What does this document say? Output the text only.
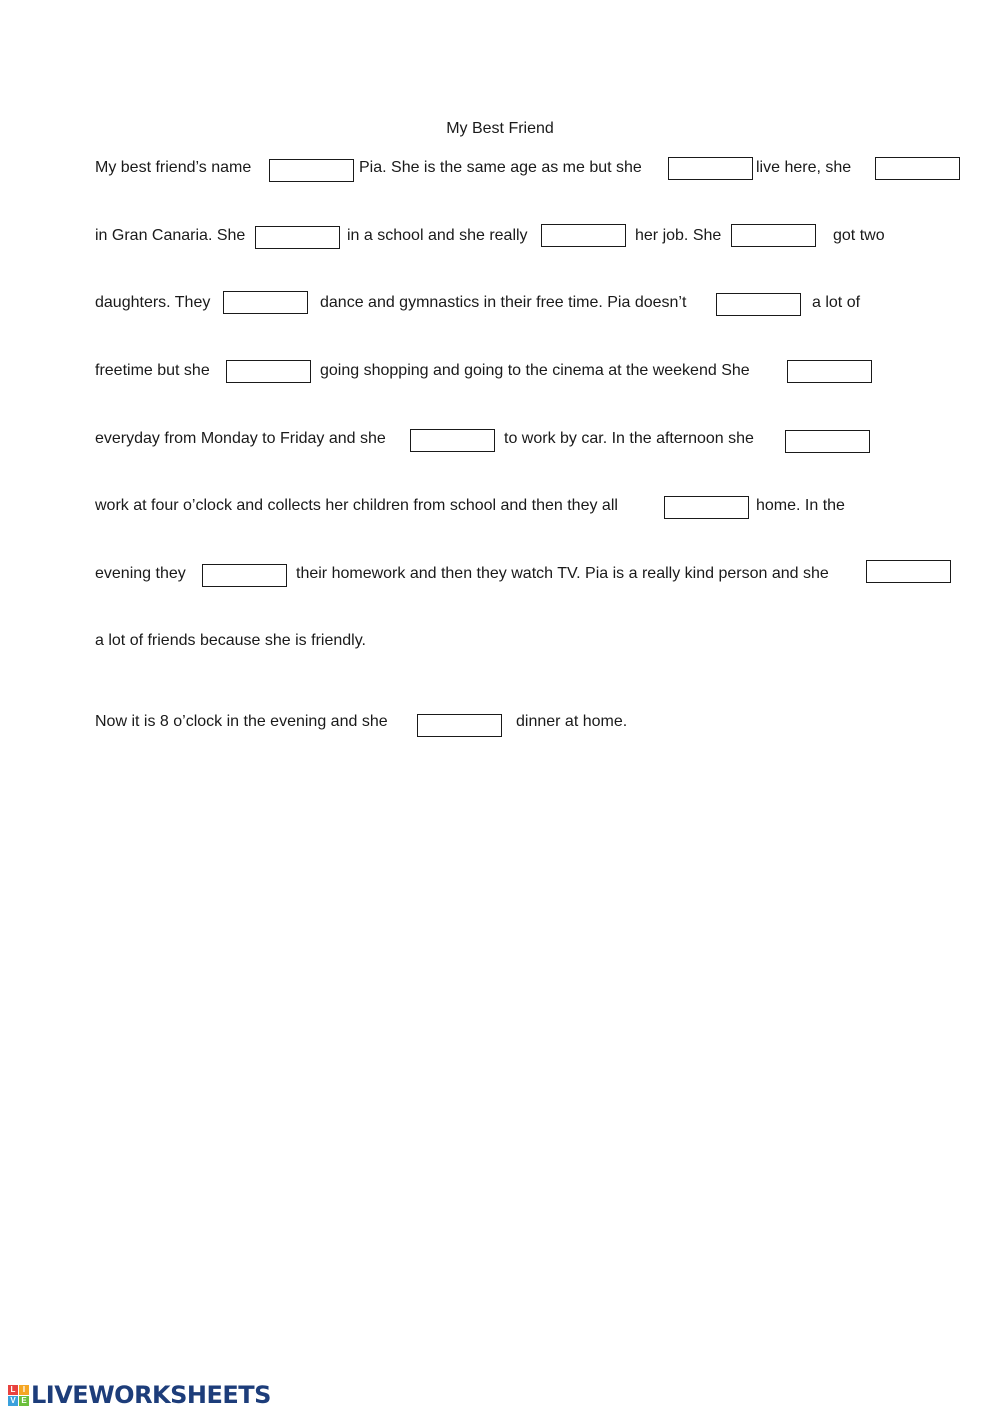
My Best Friend
My best friend’s name	Pia. She is the same age as me but she	live here, she
in Gran Canaria. She	in a school and she really	her job. She	got two
daughters. They	dance and gymnastics in their free time. Pia doesn’t	a lot of
freetime but she	going shopping and going to the cinema at the weekend She
everyday from Monday to Friday and she	to work by car. In the afternoon she
work at four o’clock and collects her children from school and then they all	home. In the
evening they	their homework and then they watch TV. Pia is a really kind person and she
a lot of friends because she is friendly.
Now it is 8 o’clock in the evening and she	dinner at home.
L I
V E LIVEWORKSHEETS
